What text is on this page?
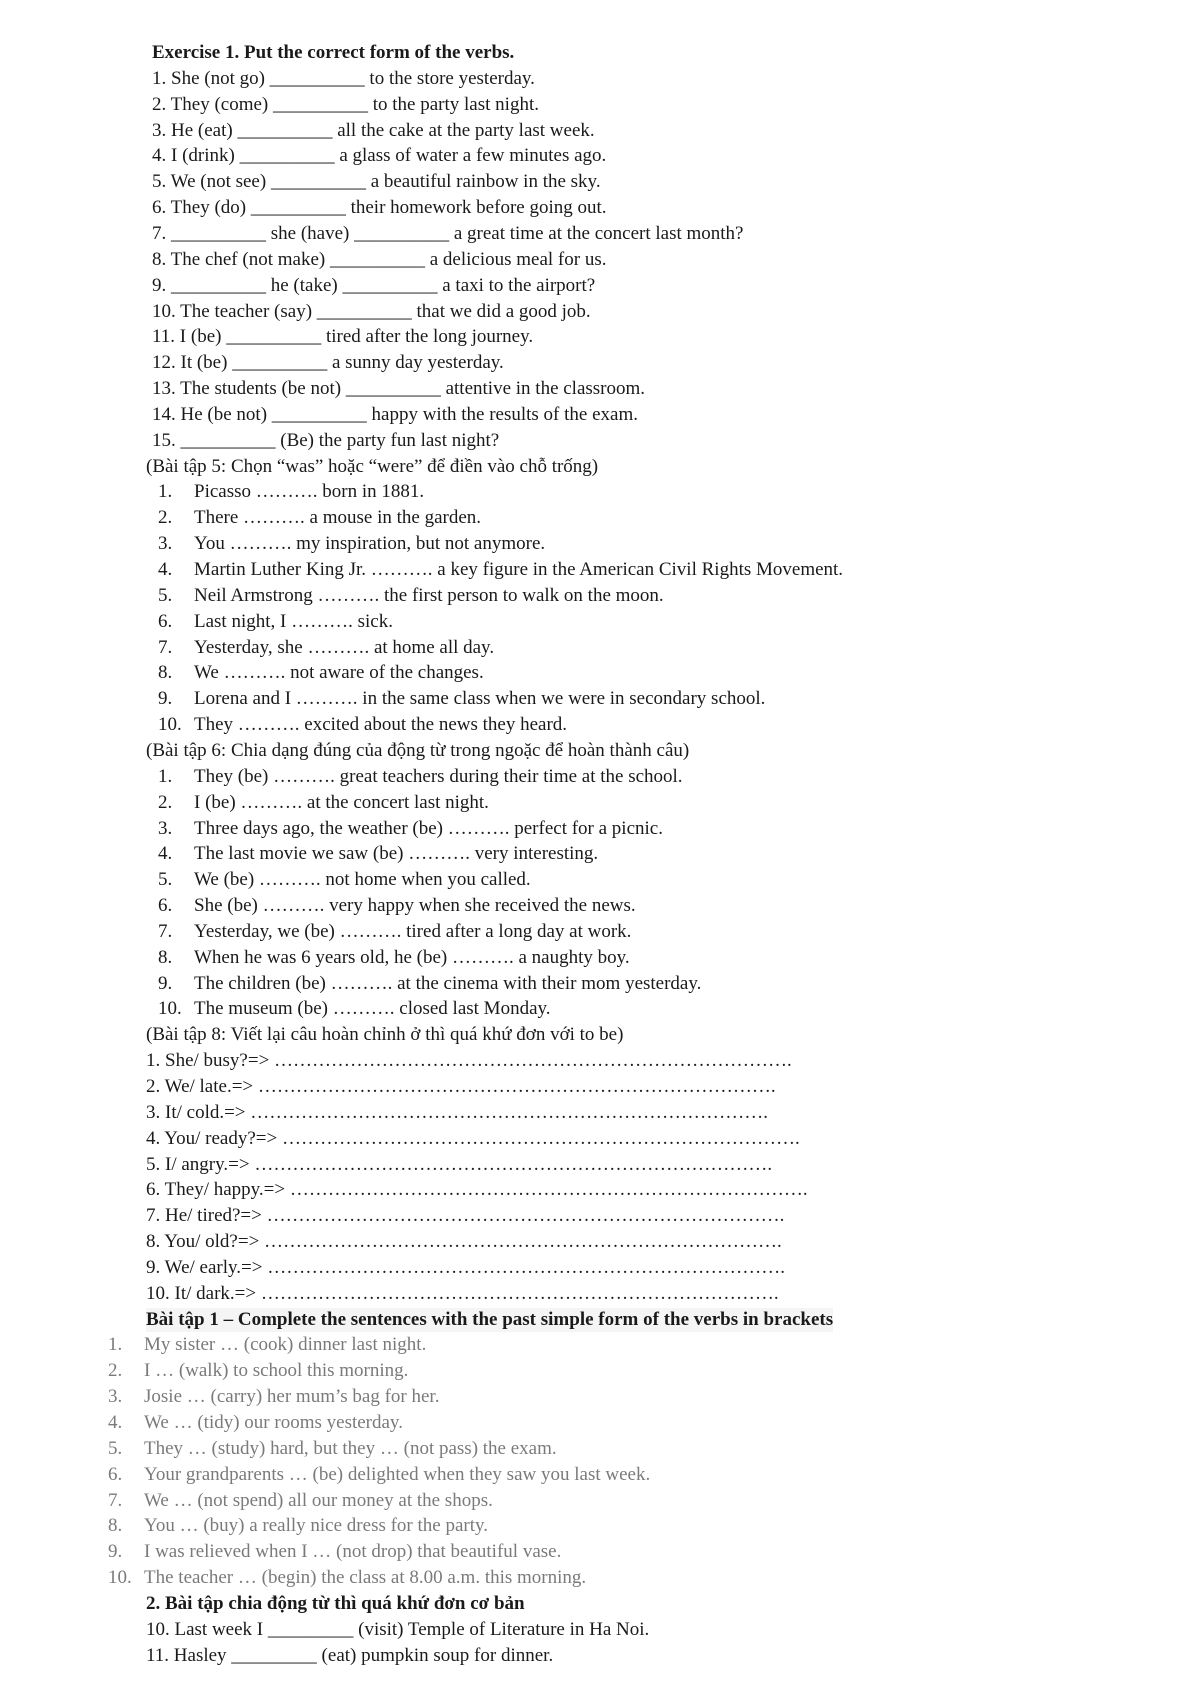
Exercise 1. Put the correct form of the verbs.
1. She (not go) __________ to the store yesterday.
2. They (come) __________ to the party last night.
3. He (eat) __________ all the cake at the party last week.
4. I (drink) __________ a glass of water a few minutes ago.
5. We (not see) __________ a beautiful rainbow in the sky.
6. They (do) __________ their homework before going out.
7. __________ she (have) __________ a great time at the concert last month?
8. The chef (not make) __________ a delicious meal for us.
9. __________ he (take) __________ a taxi to the airport?
10. The teacher (say) __________ that we did a good job.
11. I (be) __________ tired after the long journey.
12. It (be) __________ a sunny day yesterday.
13. The students (be not) __________ attentive in the classroom.
14. He (be not) __________ happy with the results of the exam.
15. __________ (Be) the party fun last night?
(Bài tập 5: Chọn “was” hoặc “were” để điền vào chỗ trống)
1. Picasso ………. born in 1881.
2. There ………. a mouse in the garden.
3. You ………. my inspiration, but not anymore.
4. Martin Luther King Jr. ………. a key figure in the American Civil Rights Movement.
5. Neil Armstrong ………. the first person to walk on the moon.
6. Last night, I ………. sick.
7. Yesterday, she ………. at home all day.
8. We ………. not aware of the changes.
9. Lorena and I ………. in the same class when we were in secondary school.
10. They ………. excited about the news they heard.
(Bài tập 6: Chia dạng đúng của động từ trong ngoặc để hoàn thành câu)
1. They (be) ………. great teachers during their time at the school.
2. I (be) ………. at the concert last night.
3. Three days ago, the weather (be) ………. perfect for a picnic.
4. The last movie we saw (be) ………. very interesting.
5. We (be) ………. not home when you called.
6. She (be) ………. very happy when she received the news.
7. Yesterday, we (be) ………. tired after a long day at work.
8. When he was 6 years old, he (be) ………. a naughty boy.
9. The children (be) ………. at the cinema with their mom yesterday.
10. The museum (be) ………. closed last Monday.
(Bài tập 8: Viết lại câu hoàn chỉnh ở thì quá khứ đơn với to be)
1. She/ busy?=> ……………………………………………………………………….
2. We/ late.=> ……………………………………………………………………….
3. It/ cold.=> ……………………………………………………………………….
4. You/ ready?=> ……………………………………………………………………….
5. I/ angry.=> ……………………………………………………………………….
6. They/ happy.=> ……………………………………………………………………….
7. He/ tired?=> ……………………………………………………………………….
8. You/ old?=> ……………………………………………………………………….
9. We/ early.=> ……………………………………………………………………….
10. It/ dark.=> ……………………………………………………………………….
Bài tập 1 – Complete the sentences with the past simple form of the verbs in brackets
1. My sister … (cook) dinner last night.
2. I … (walk) to school this morning.
3. Josie … (carry) her mum’s bag for her.
4. We … (tidy) our rooms yesterday.
5. They … (study) hard, but they … (not pass) the exam.
6. Your grandparents … (be) delighted when they saw you last week.
7. We … (not spend) all our money at the shops.
8. You … (buy) a really nice dress for the party.
9. I was relieved when I … (not drop) that beautiful vase.
10. The teacher … (begin) the class at 8.00 a.m. this morning.
2. Bài tập chia động từ thì quá khứ đơn cơ bản
10. Last week I _________ (visit) Temple of Literature in Ha Noi.
11. Hasley _________ (eat) pumpkin soup for dinner.
